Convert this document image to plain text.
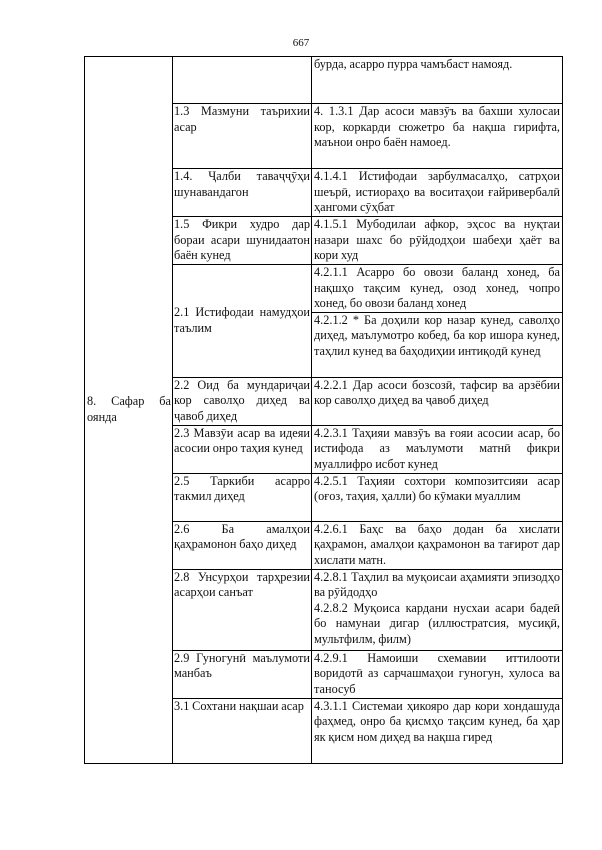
667
8. Сафар ба оянда		бурда, асарро пурра чамъбаст намояд.

	1.3 Мазмуни таърихии асар	4. 1.3.1 Дар асоси мавзӯъ ва бахши хулосаи кор, коркарди сюжетро ба нақша гирифта, маънои онро баён намоед.

	1.4. Ҷалби таваҷҷӯҳи шунавандагон	4.1.4.1 Истифодаи зарбулмасалҳо, сатрҳои шеърӣ, истиораҳо ва воситаҳои ғайривербалӣ ҳангоми сӯҳбат

	1.5 Фикри худро дар бораи асари шунидаатон баён кунед	4.1.5.1 Мубодилаи афкор, эҳсос ва нуқтаи назари шахс бо рӯйдодҳои шабеҳи ҳаёт ва кори худ

	2.1 Истифодаи намудҳои таълим	4.2.1.1 Асарро бо овози баланд хонед, ба нақшҳо тақсим кунед, озод хонед, чопро хонед, бо овози баланд хонед

		4.2.1.2 * Ба доҳили кор назар кунед, саволҳо диҳед, маълумотро кобед, ба кор ишора кунед, таҳлил кунед ва баҳодиҳии интиқодӣ кунед

	2.2 Оид ба мундариҷаи кор саволҳо диҳед ва ҷавоб диҳед	4.2.2.1 Дар асоси бозсозӣ, тафсир ва арзёбии кор саволҳо диҳед ва ҷавоб диҳед

	2.3 Мавзӯи асар ва идеяи асосии онро таҳия кунед	4.2.3.1 Таҳияи мавзӯъ ва ғояи асосии асар, бо истифода аз маълумоти матнӣ фикри муаллифро исбот кунед

	2.5 Таркиби асарро такмил диҳед	4.2.5.1 Таҳияи сохтори композитсияи асар (оғоз, таҳия, ҳалли) бо кӯмаки муаллим

	2.6 Ба амалҳои қаҳрамонон баҳо диҳед	4.2.6.1 Баҳс ва баҳо додан ба хислати қаҳрамон, амалҳои қаҳрамонон ва тағирот дар хислати матн.

	2.8 Унсурҳои тарҳрезии асарҳои санъат	4.2.8.1 Таҳлил ва муқоисаи аҳамияти эпизодҳо ва рӯйдодҳо
4.2.8.2 Муқоиса кардани нусхаи асари бадеӣ бо намунаи дигар (иллюстратсия, мусиқӣ, мультфилм, филм)

	2.9 Гуногунӣ маълумоти манбаъ	4.2.9.1 Намоиши схемавии иттилооти воридотӣ аз сарчашмаҳои гуногун, хулоса ва таносуб

	3.1 Сохтани нақшаи асар	4.3.1.1 Системаи ҳикояро дар кори хондашуда фаҳмед, онро ба қисмҳо тақсим кунед, ба ҳар як қисм ном диҳед ва нақша гиред
